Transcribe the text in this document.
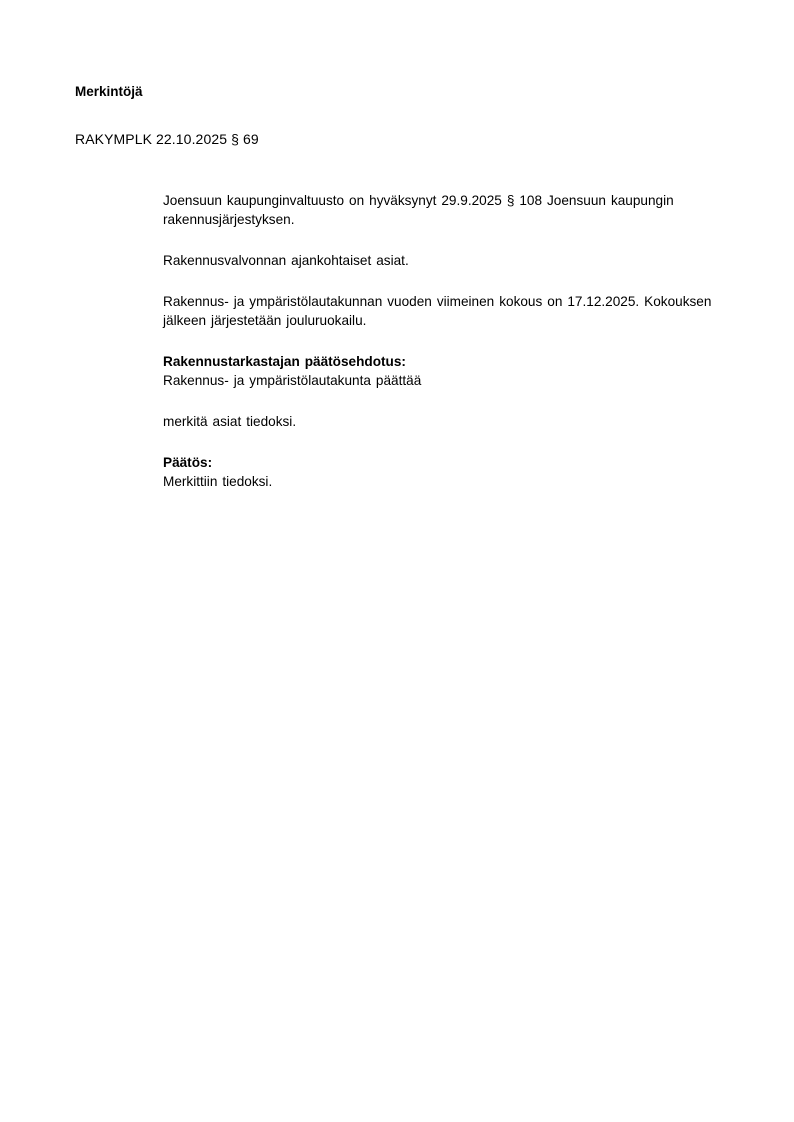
Merkintöjä
RAKYMPLK 22.10.2025 § 69

Joensuun kaupunginvaltuusto on hyväksynyt 29.9.2025 § 108 Joensuun kaupungin rakennusjärjestyksen.

Rakennusvalvonnan ajankohtaiset asiat.

Rakennus- ja ympäristölautakunnan vuoden viimeinen kokous on 17.12.2025. Kokouksen jälkeen järjestetään jouluruokailu.

Rakennustarkastajan päätösehdotus:

Rakennus- ja ympäristölautakunta päättää

merkitä asiat tiedoksi.

Päätös:

Merkittiin tiedoksi.
